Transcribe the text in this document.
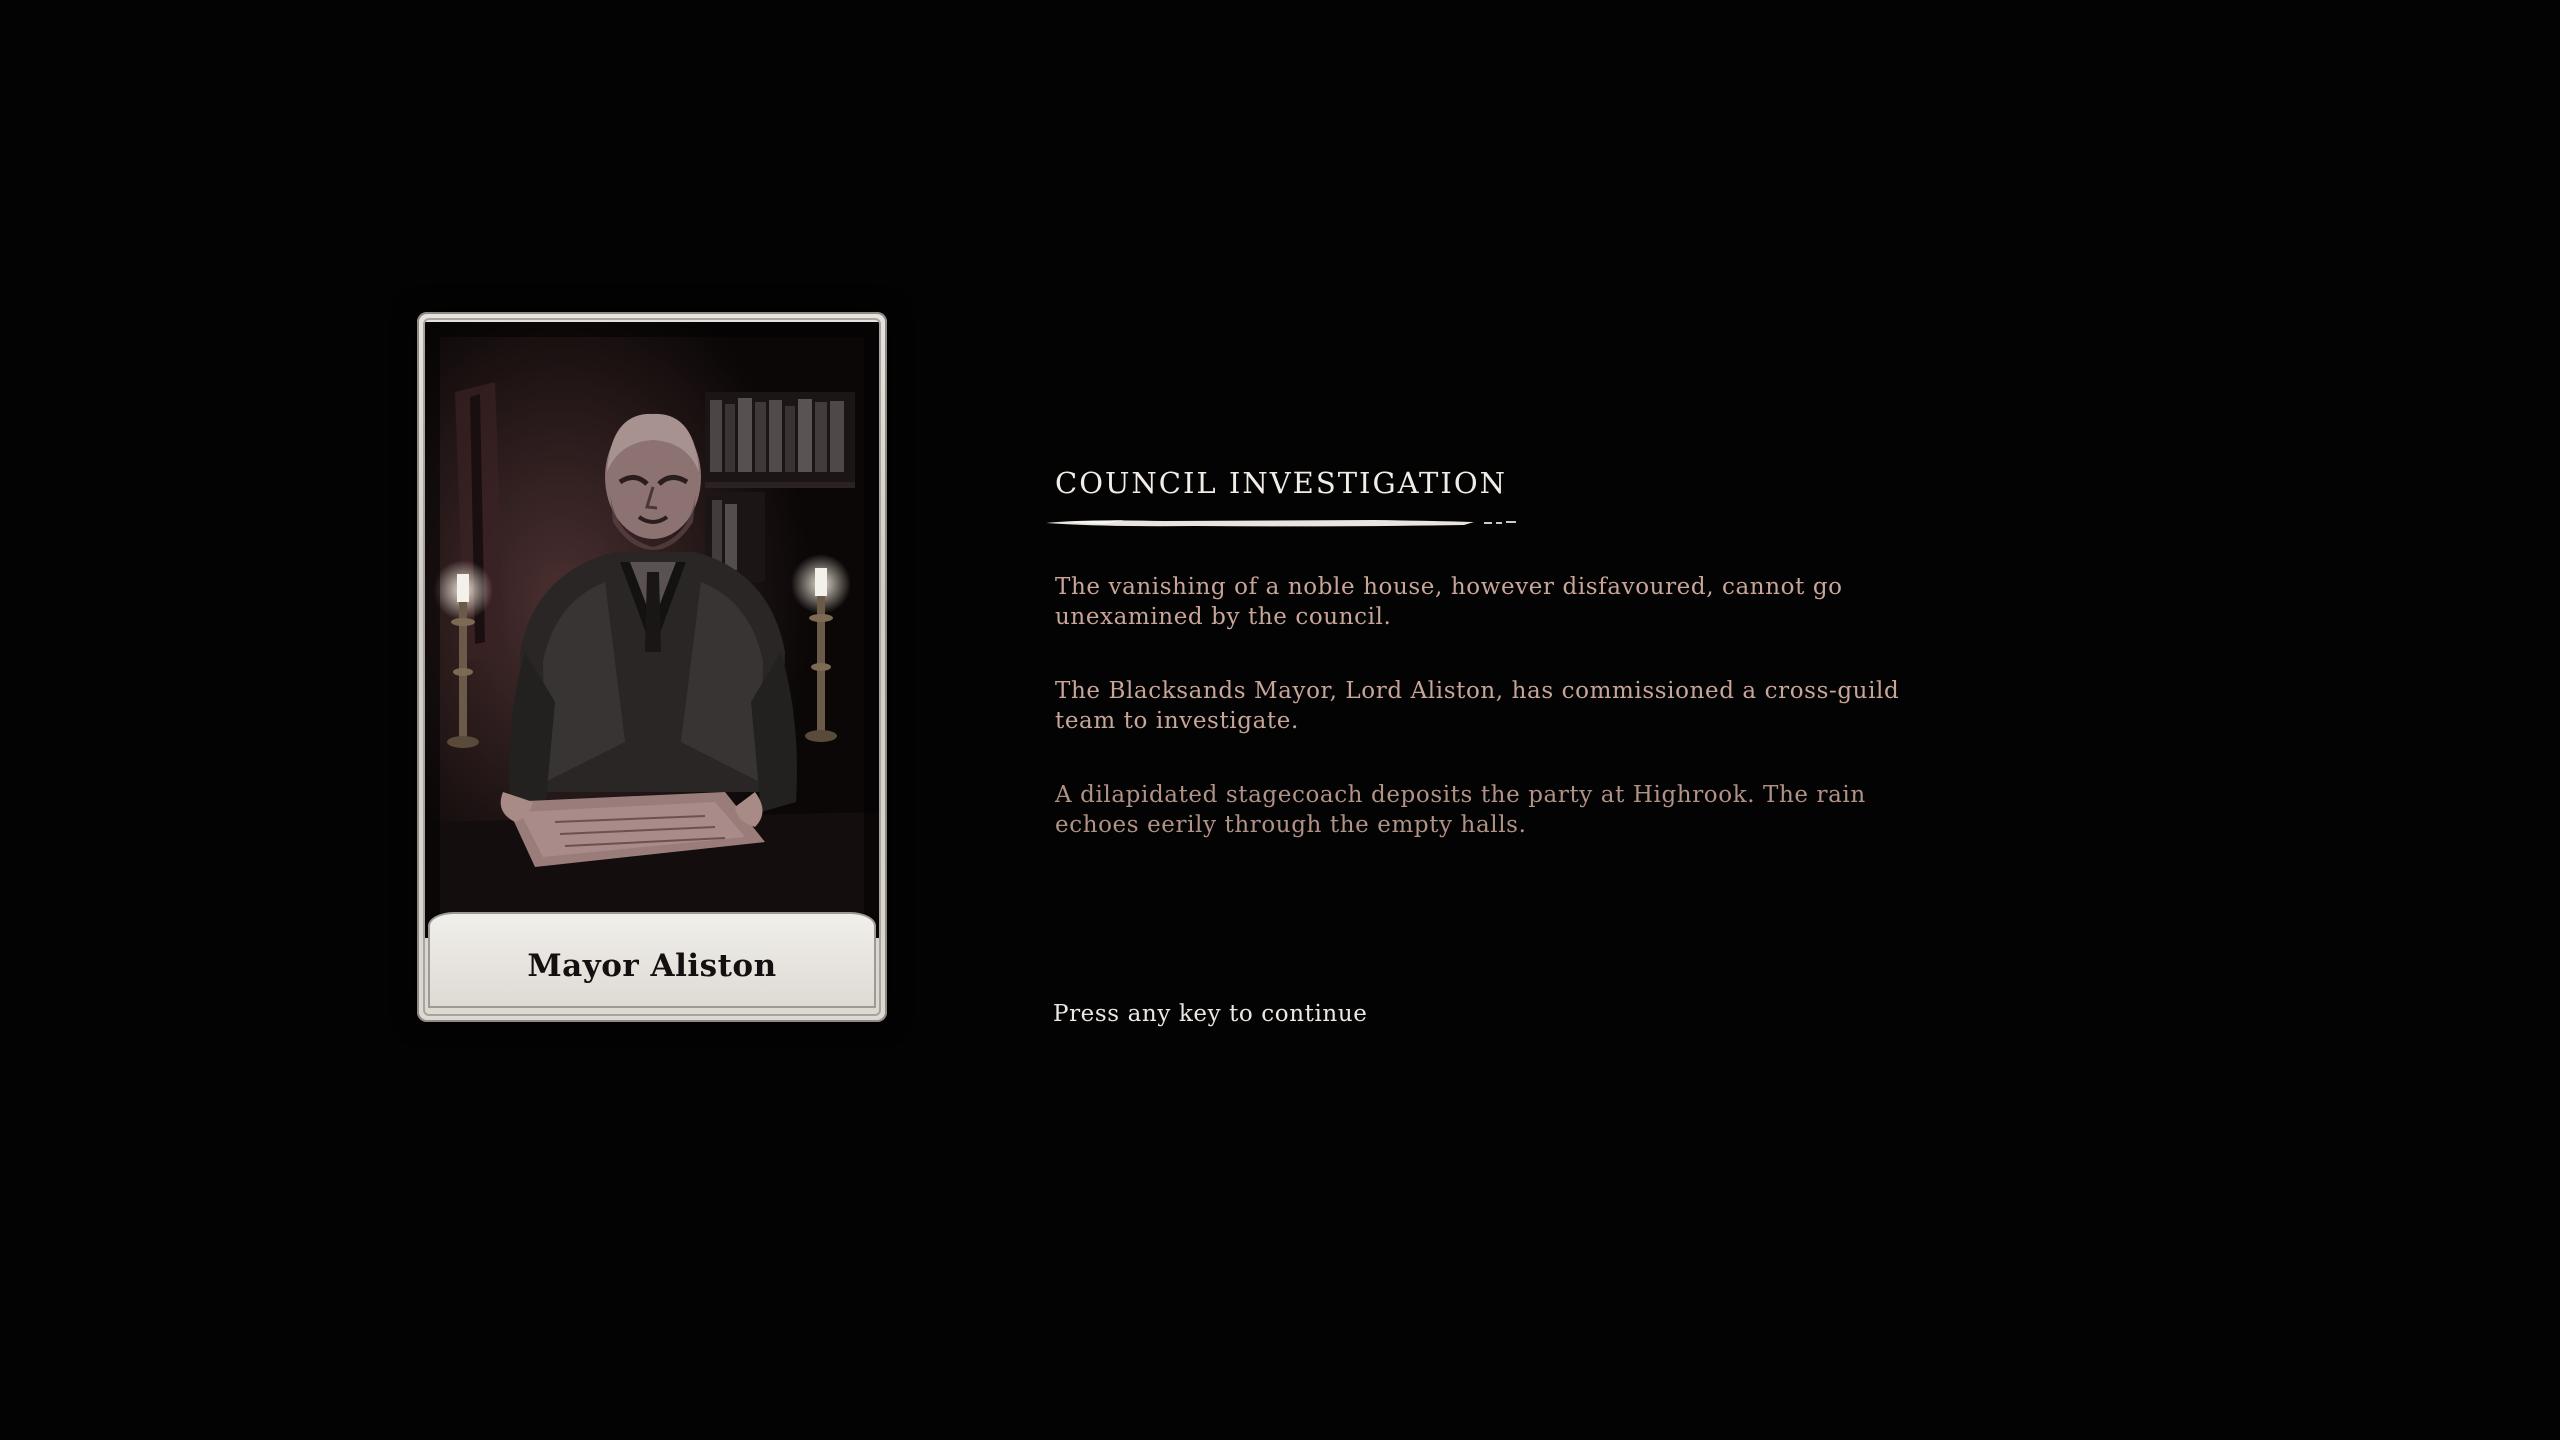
Mayor Aliston
COUNCIL INVESTIGATION
The vanishing of a noble house, however disfavoured, cannot go unexamined by the council.
The Blacksands Mayor, Lord Aliston, has commissioned a cross-guild team to investigate.
A dilapidated stagecoach deposits the party at Highrook. The rain echoes eerily through the empty halls.
Press any key to continue
